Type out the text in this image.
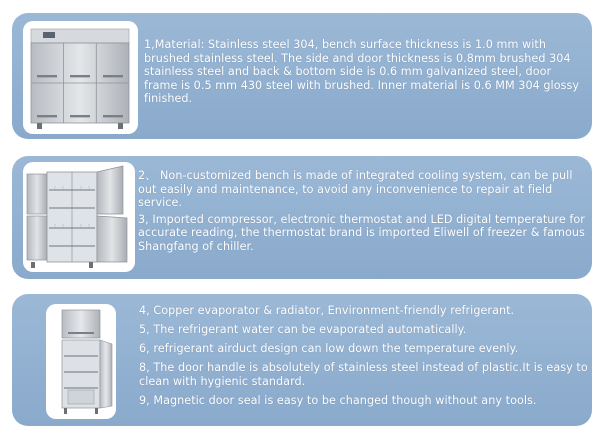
1,Material: Stainless steel 304, bench surface thickness is 1.0 mm with brushed stainless steel. The side and door thickness is 0.8mm brushed 304 stainless steel and back & bottom side is 0.6 mm galvanized steel, door frame is 0.5 mm 430 steel with brushed. Inner material is 0.6 MM 304 glossy finished.
2、 Non-customized bench is made of integrated cooling system, can be pull out easily and maintenance, to avoid any inconvenience to repair at field service.
3, Imported compressor, electronic thermostat and LED digital temperature for accurate reading, the thermostat brand is imported Eliwell of freezer & famous Shangfang of chiller.
4, Copper evaporator & radiator, Environment-friendly refrigerant.
5, The refrigerant water can be evaporated automatically.
6, refrigerant airduct design can low down the temperature evenly.
8, The door handle is absolutely of stainless steel instead of plastic.It is easy to clean with hygienic standard.
9, Magnetic door seal is easy to be changed though without any tools.
